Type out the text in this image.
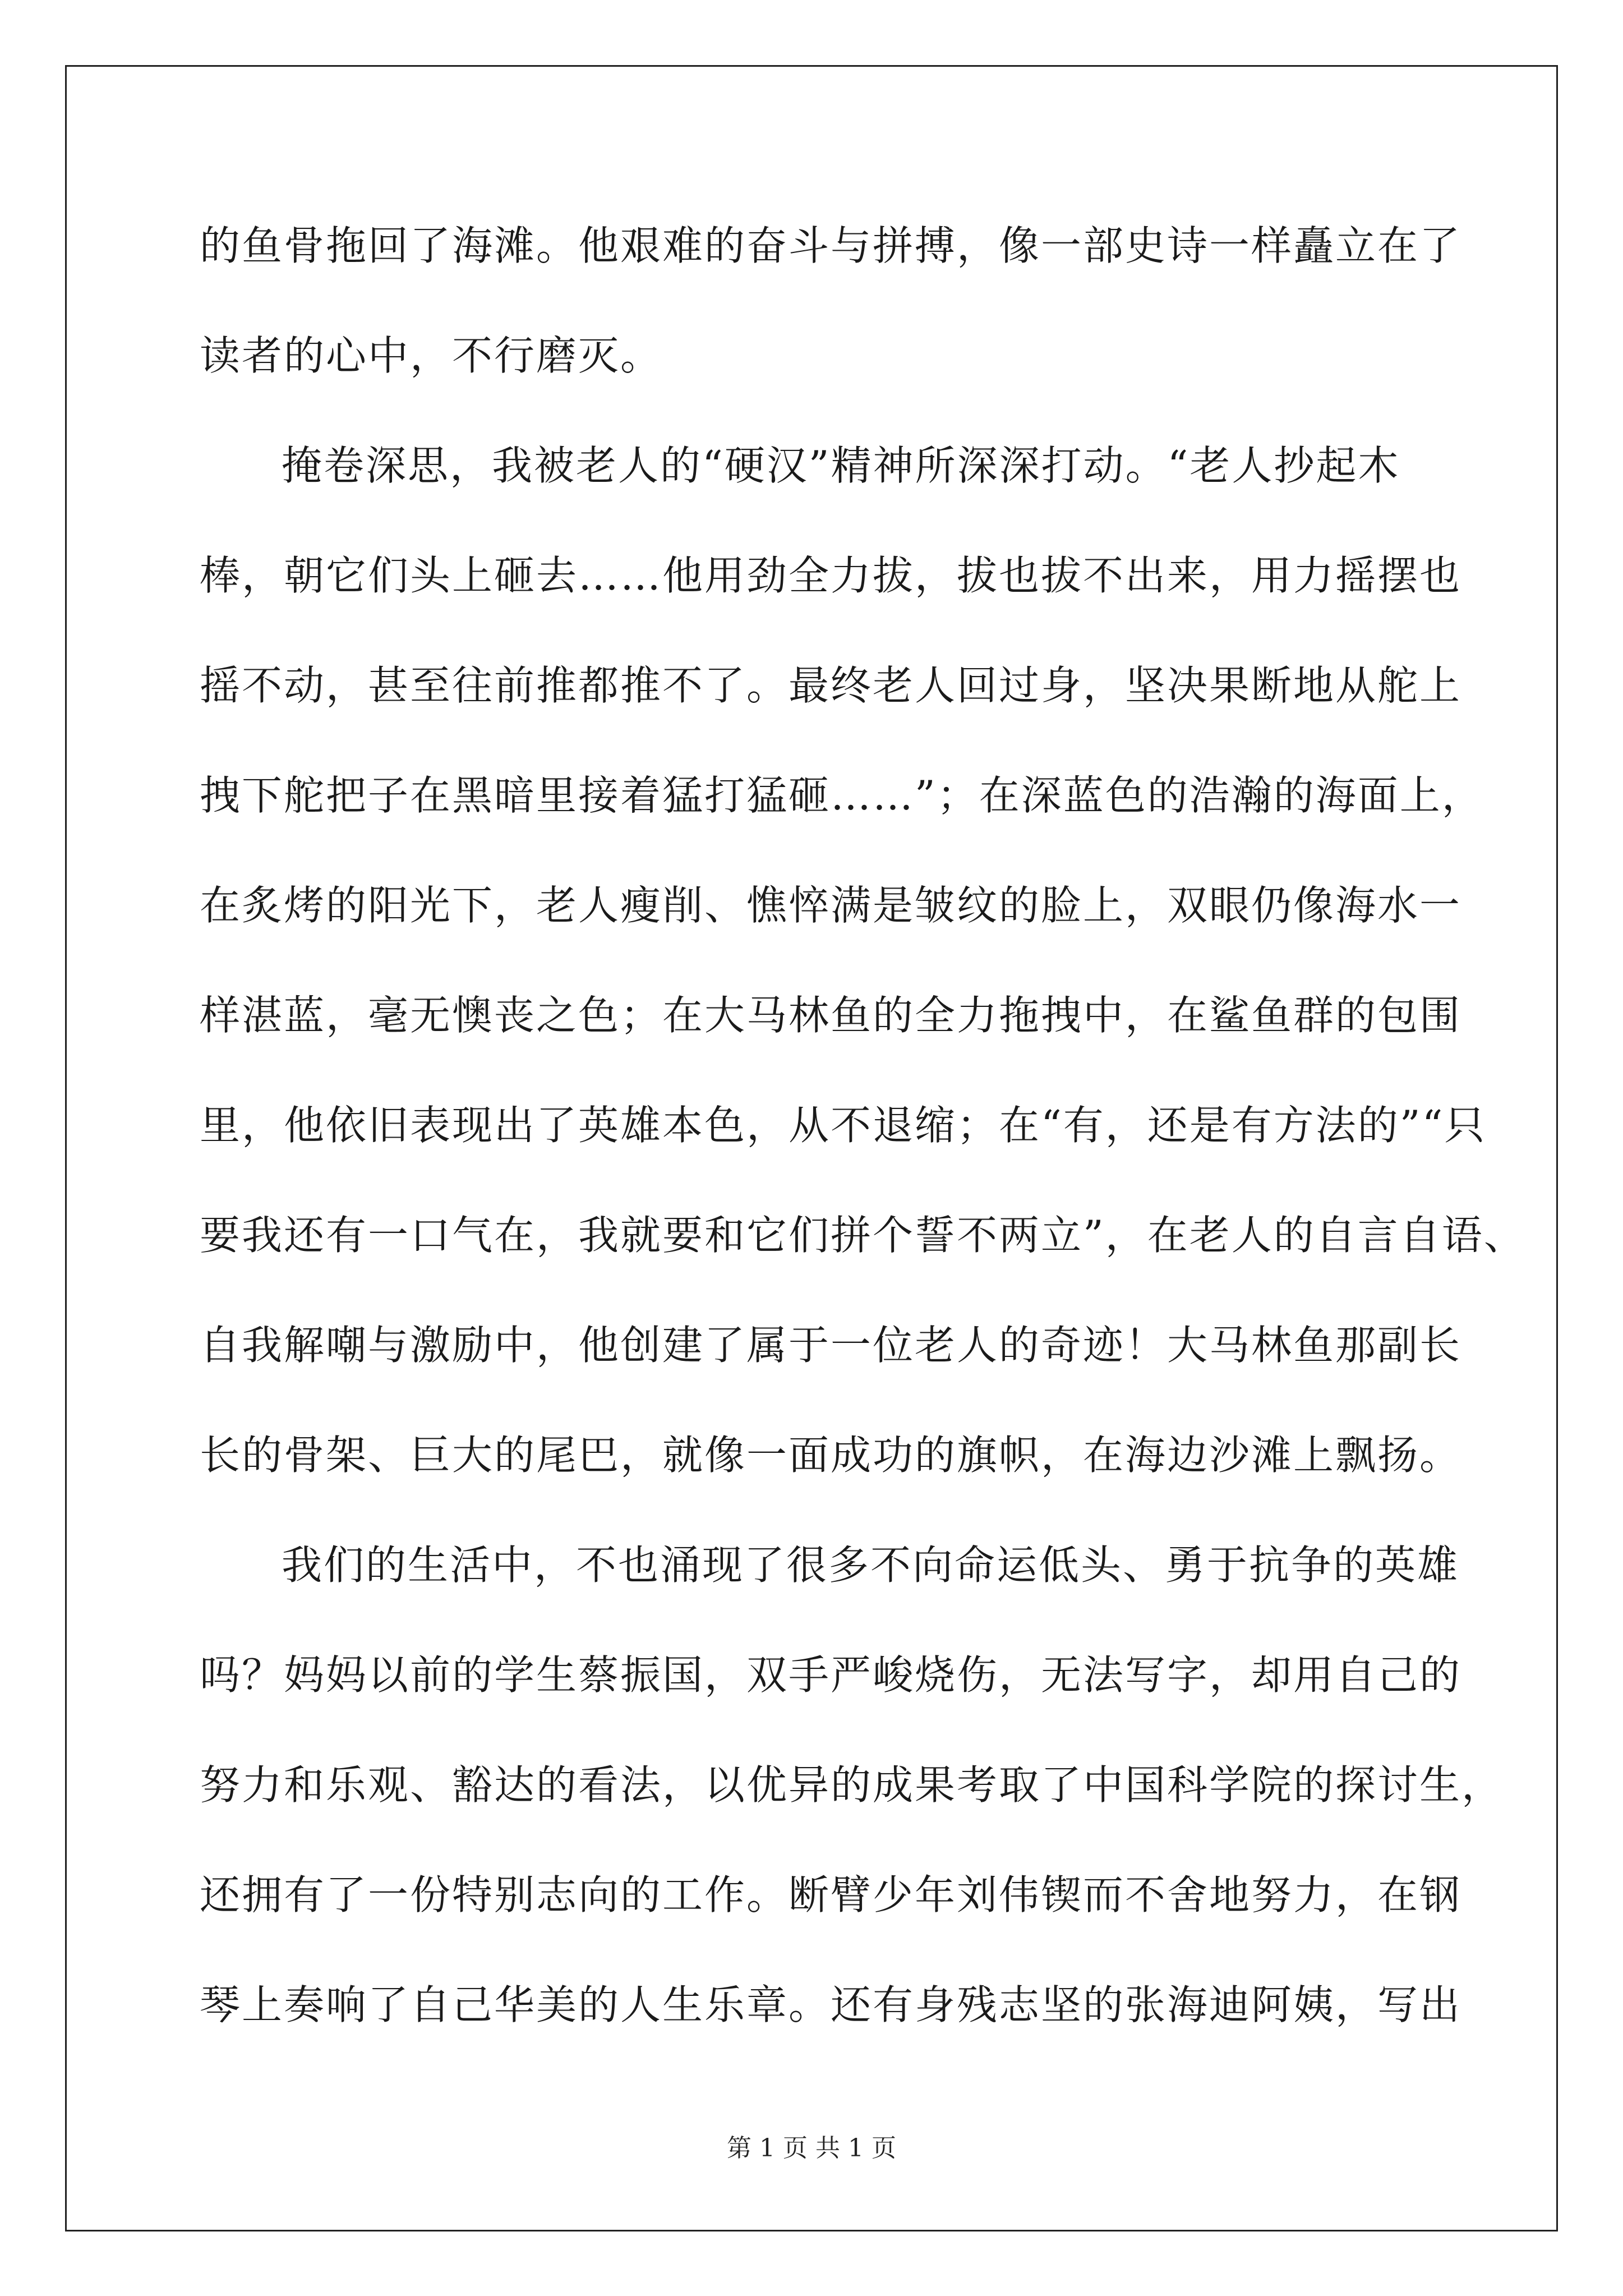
的鱼骨拖回了海滩。他艰难的奋斗与拼搏，像一部史诗一样矗立在了
读者的心中，不行磨灭。
掩卷深思，我被老人的“硬汉”精神所深深打动。“老人抄起木
棒，朝它们头上砸去……他用劲全力拔，拔也拔不出来，用力摇摆也
摇不动，甚至往前推都推不了。最终老人回过身，坚决果断地从舵上
拽下舵把子在黑暗里接着猛打猛砸……”；在深蓝色的浩瀚的海面上，
在炙烤的阳光下，老人瘦削、憔悴满是皱纹的脸上，双眼仍像海水一
样湛蓝，毫无懊丧之色；在大马林鱼的全力拖拽中，在鲨鱼群的包围
里，他依旧表现出了英雄本色，从不退缩；在“有，还是有方法的”“只
要我还有一口气在，我就要和它们拼个誓不两立”，在老人的自言自语、
自我解嘲与激励中，他创建了属于一位老人的奇迹！大马林鱼那副长
长的骨架、巨大的尾巴，就像一面成功的旗帜，在海边沙滩上飘扬。
我们的生活中，不也涌现了很多不向命运低头、勇于抗争的英雄
吗？妈妈以前的学生蔡振国，双手严峻烧伤，无法写字，却用自己的
努力和乐观、豁达的看法，以优异的成果考取了中国科学院的探讨生，
还拥有了一份特别志向的工作。断臂少年刘伟锲而不舍地努力，在钢
琴上奏响了自己华美的人生乐章。还有身残志坚的张海迪阿姨，写出
第 1 页 共 1 页
